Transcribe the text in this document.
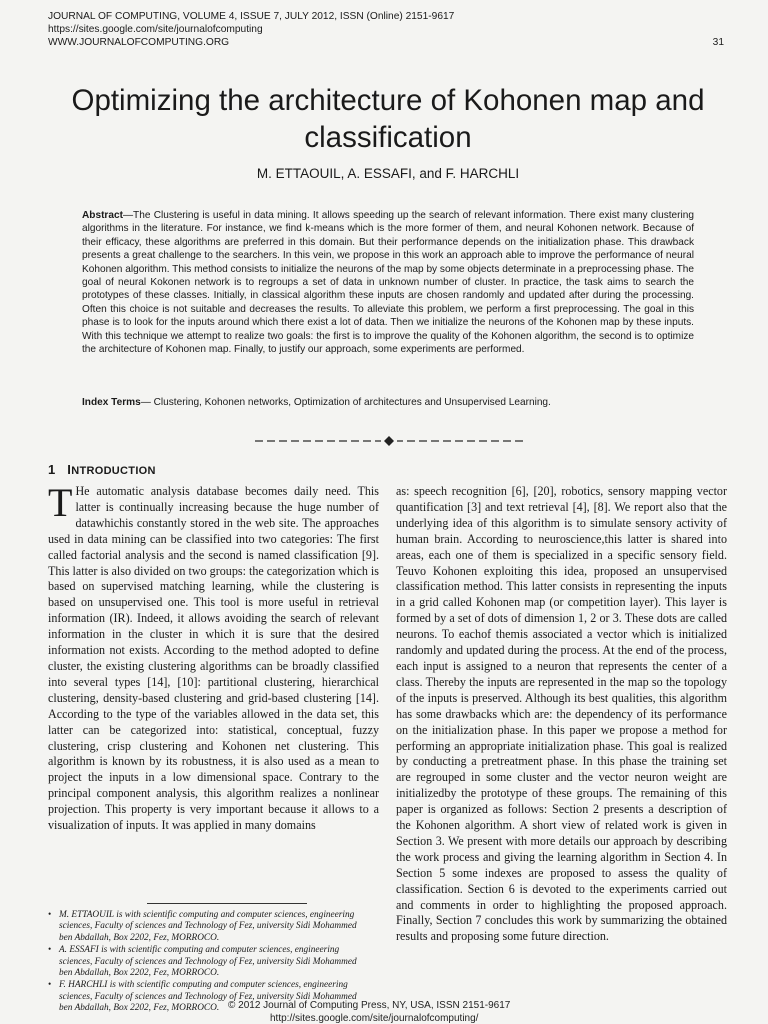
JOURNAL OF COMPUTING, VOLUME 4, ISSUE 7, JULY 2012, ISSN (Online) 2151-9617
https://sites.google.com/site/journalofcomputing
WWW.JOURNALOFCOMPUTING.ORG	31
Optimizing the architecture of Kohonen map and classification
M. ETTAOUIL, A. ESSAFI, and F. HARCHLI
Abstract—The Clustering is useful in data mining. It allows speeding up the search of relevant information. There exist many clustering algorithms in the literature. For instance, we find k-means which is the more former of them, and neural Kohonen network. Because of their efficacy, these algorithms are preferred in this domain. But their performance depends on the initialization phase. This drawback presents a great challenge to the searchers. In this vein, we propose in this work an approach able to improve the performance of neural Kohonen algorithm. This method consists to initialize the neurons of the map by some objects determinate in a preprocessing phase. The goal of neural Kokonen network is to regroups a set of data in unknown number of cluster. In practice, the task aims to search the prototypes of these classes. Initially, in classical algorithm these inputs are chosen randomly and updated after during the processing. Often this choice is not suitable and decreases the results. To alleviate this problem, we perform a first preprocessing. The goal in this phase is to look for the inputs around which there exist a lot of data. Then we initialize the neurons of the Kohonen map by these inputs. With this technique we attempt to realize two goals: the first is to improve the quality of the Kohonen algorithm, the second is to optimize the architecture of Kohonen map. Finally, to justify our approach, some experiments are performed.
Index Terms— Clustering, Kohonen networks, Optimization of architectures and Unsupervised Learning.
1 INTRODUCTION
T He automatic analysis database becomes daily need. This latter is continually increasing because the huge number of datawhichis constantly stored in the web site. The approaches used in data mining can be classified into two categories: The first called factorial analysis and the second is named classification [9]. This latter is also divided on two groups: the categorization which is based on supervised matching learning, while the clustering is based on unsupervised one. This tool is more useful in retrieval information (IR). Indeed, it allows avoiding the search of relevant information in the cluster in which it is sure that the desired information not exists. According to the method adopted to define cluster, the existing clustering algorithms can be broadly classified into several types [14], [10]: partitional clustering, hierarchical clustering, density-based clustering and grid-based clustering [14]. According to the type of the variables allowed in the data set, this latter can be categorized into: statistical, conceptual, fuzzy clustering, crisp clustering and Kohonen net clustering. This algorithm is known by its robustness, it is also used as a mean to project the inputs in a low dimensional space. Contrary to the principal component analysis, this algorithm realizes a nonlinear projection. This property is very important because it allows to a visualization of inputs. It was applied in many domains
as: speech recognition [6], [20], robotics, sensory mapping vector quantification [3] and text retrieval [4], [8]. We report also that the underlying idea of this algorithm is to simulate sensory activity of human brain. According to neuroscience,this latter is shared into areas, each one of them is specialized in a specific sensory field. Teuvo Kohonen exploiting this idea, proposed an unsupervised classification method. This latter consists in representing the inputs in a grid called Kohonen map (or competition layer). This layer is formed by a set of dots of dimension 1, 2 or 3. These dots are called neurons. To eachof themis associated a vector which is initialized randomly and updated during the process. At the end of the process, each input is assigned to a neuron that represents the center of a class. Thereby the inputs are represented in the map so the topology of the inputs is preserved. Although its best qualities, this algorithm has some drawbacks which are: the dependency of its performance on the initialization phase. In this paper we propose a method for performing an appropriate initialization phase. This goal is realized by conducting a pretreatment phase. In this phase the training set are regrouped in some cluster and the vector neuron weight are initializedby the prototype of these groups. The remaining of this paper is organized as follows: Section 2 presents a description of the Kohonen algorithm. A short view of related work is given in Section 3. We present with more details our approach by describing the work process and giving the learning algorithm in Section 4. In Section 5 some indexes are proposed to assess the quality of classification. Section 6 is devoted to the experiments carried out and comments in order to highlighting the proposed approach. Finally, Section 7 concludes this work by summarizing the obtained results and proposing some future direction.
• M. ETTAOUIL is with scientific computing and computer sciences, engineering sciences, Faculty of sciences and Technology of Fez, university Sidi Mohammed ben Abdallah, Box 2202, Fez, MORROCO.
• A. ESSAFI is with scientific computing and computer sciences, engineering sciences, Faculty of sciences and Technology of Fez, university Sidi Mohammed ben Abdallah, Box 2202, Fez, MORROCO.
• F. HARCHLI is with scientific computing and computer sciences, engineering sciences, Faculty of sciences and Technology of Fez, university Sidi Mohammed ben Abdallah, Box 2202, Fez, MORROCO. © 2012 Journal of Computing Press, NY, USA, ISSN 2151-9617
http://sites.google.com/site/journalofcomputing/
